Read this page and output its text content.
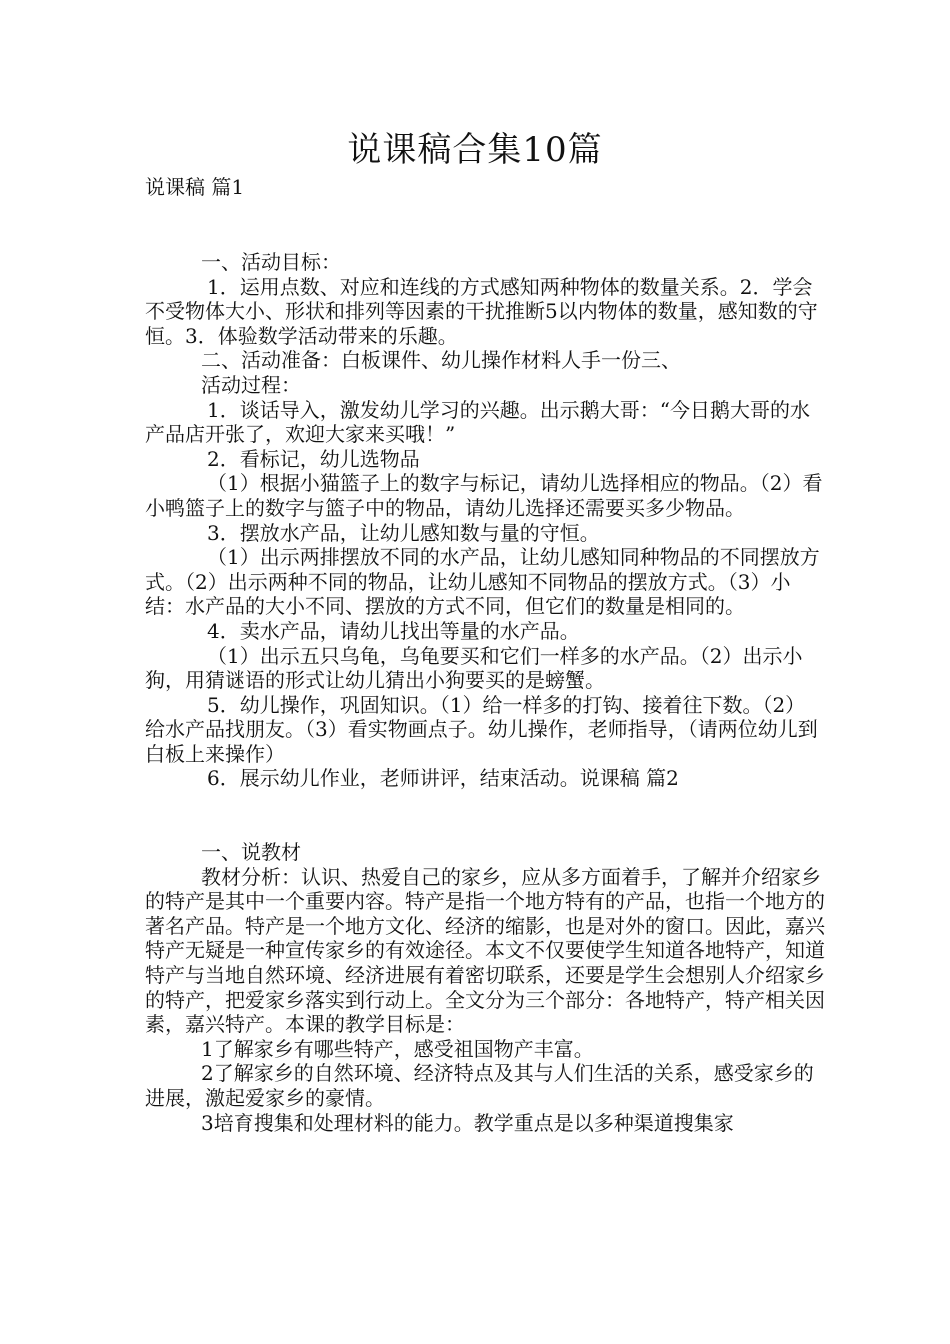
说课稿合集10篇
说课稿 篇1

一、活动目标：

1．运用点数、对应和连线的方式感知两种物体的数量关系。2．学会不受物体大小、形状和排列等因素的干扰推断5以内物体的数量，感知数的守恒。3．体验数学活动带来的乐趣。

二、活动准备：白板课件、幼儿操作材料人手一份三、

活动过程：

1．谈话导入，激发幼儿学习的兴趣。出示鹅大哥：“今日鹅大哥的水产品店开张了，欢迎大家来买哦！”

2．看标记，幼儿选物品

（1）根据小猫篮子上的数字与标记，请幼儿选择相应的物品。（2）看小鸭篮子上的数字与篮子中的物品，请幼儿选择还需要买多少物品。

3．摆放水产品，让幼儿感知数与量的守恒。

（1）出示两排摆放不同的水产品，让幼儿感知同种物品的不同摆放方式。（2）出示两种不同的物品，让幼儿感知不同物品的摆放方式。（3）小结：水产品的大小不同、摆放的方式不同，但它们的数量是相同的。

4．卖水产品，请幼儿找出等量的水产品。

（1）出示五只乌龟，乌龟要买和它们一样多的水产品。（2）出示小狗，用猜谜语的形式让幼儿猜出小狗要买的是螃蟹。

5．幼儿操作，巩固知识。（1）给一样多的打钩、接着往下数。（2）给水产品找朋友。（3）看实物画点子。幼儿操作，老师指导，（请两位幼儿到白板上来操作）

6．展示幼儿作业，老师讲评，结束活动。说课稿 篇2

一、说教材

教材分析：认识、热爱自己的家乡，应从多方面着手，了解并介绍家乡的特产是其中一个重要内容。特产是指一个地方特有的产品，也指一个地方的著名产品。特产是一个地方文化、经济的缩影，也是对外的窗口。因此，嘉兴特产无疑是一种宣传家乡的有效途径。本文不仅要使学生知道各地特产，知道特产与当地自然环境、经济进展有着密切联系，还要是学生会想别人介绍家乡的特产，把爱家乡落实到行动上。全文分为三个部分：各地特产，特产相关因素，嘉兴特产。本课的教学目标是：

1了解家乡有哪些特产，感受祖国物产丰富。

2了解家乡的自然环境、经济特点及其与人们生活的关系，感受家乡的进展，激起爱家乡的豪情。

3培育搜集和处理材料的能力。教学重点是以多种渠道搜集家
